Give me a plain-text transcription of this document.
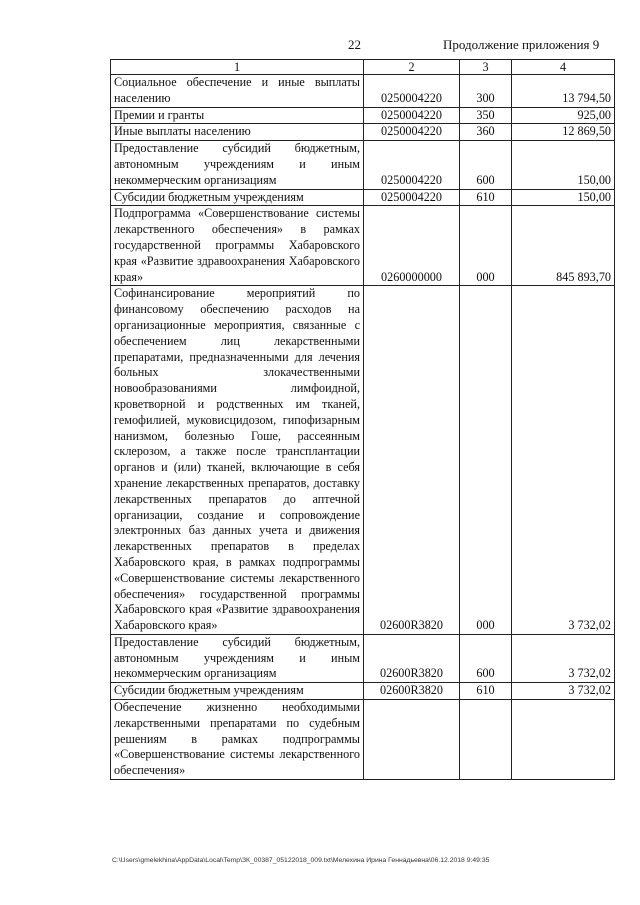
22	Продолжение приложения 9
1	2	3	4
Социальное обеспечение и иные выплаты населению	0250004220	300	13 794,50
Премии и гранты	0250004220	350	925,00
Иные выплаты населению	0250004220	360	12 869,50
Предоставление субсидий бюджетным, автономным учреждениям и иным некоммерческим организациям	0250004220	600	150,00
Субсидии бюджетным учреждениям	0250004220	610	150,00
Подпрограмма «Совершенствование системы лекарственного обеспечения» в рамках государственной программы Хабаровского края «Развитие здравоохранения Хабаровского края»	0260000000	000	845 893,70
Софинансирование мероприятий по финансовому обеспечению расходов на организационные мероприятия, связанные с обеспечением лиц лекарственными препаратами, предназначенными для лечения больных злокачественными новообразованиями лимфоидной, кроветворной и родственных им тканей, гемофилией, муковисцидозом, гипофизарным нанизмом, болезнью Гоше, рассеянным склерозом, а также после трансплантации органов и (или) тканей, включающие в себя хранение лекарственных препаратов, доставку лекарственных препаратов до аптечной организации, создание и сопровождение электронных баз данных учета и движения лекарственных препаратов в пределах Хабаровского края, в рамках подпрограммы «Совершенствование системы лекарственного обеспечения» государственной программы Хабаровского края «Развитие здравоохранения Хабаровского края»	02600R3820	000	3 732,02
Предоставление субсидий бюджетным, автономным учреждениям и иным некоммерческим организациям	02600R3820	600	3 732,02
Субсидии бюджетным учреждениям	02600R3820	610	3 732,02
Обеспечение жизненно необходимыми лекарственными препаратами по судебным решениям в рамках подпрограммы «Совершенствование системы лекарственного обеспечения»			
C:\Users\gmelekhina\AppData\Local\Temp\ЗК_00387_05122018_009.txt\Мелехина Ирина Геннадьевна\06.12.2018 9:49:35
